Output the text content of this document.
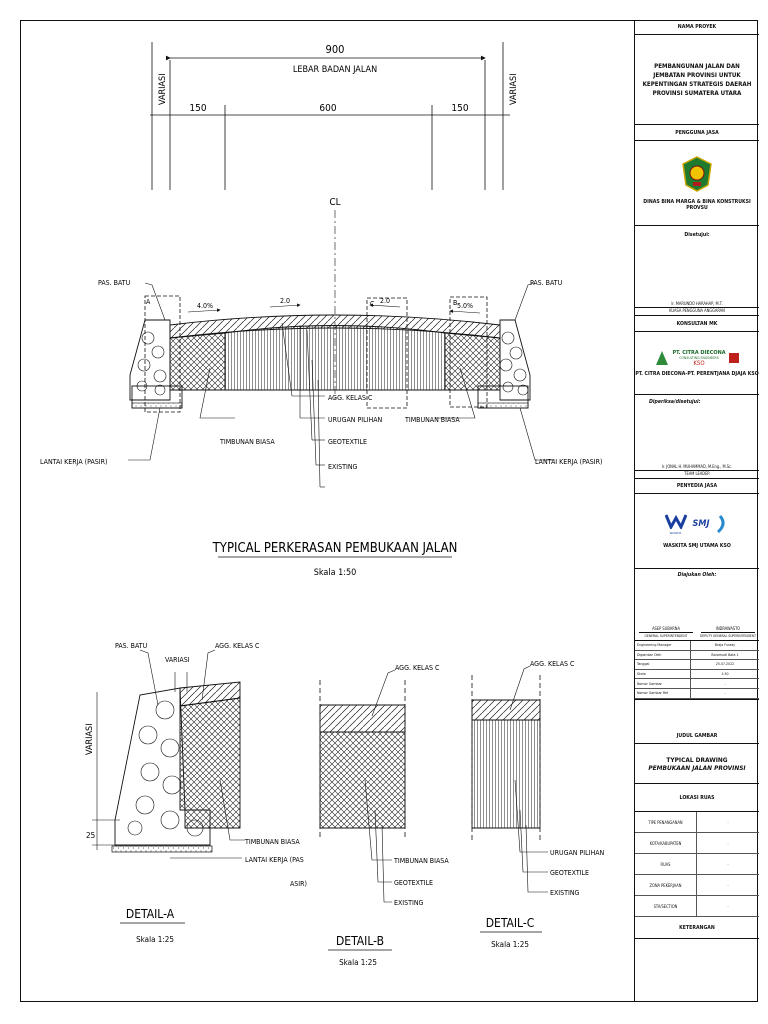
900
LEBAR BADAN JALAN
150	600	150
VARIASI	VARIASI
CL
A	C	B
4.0%
2.0	2.0
5.0%
PAS. BATU	PAS. BATU
AGG. KELAS C
URUGAN PILIHAN
GEOTEXTILE
EXISTING
TIMBUNAN BIASA
TIMBUNAN BIASA
LANTAI KERJA (PASIR)	LANTAI KERJA (PASIR)
TYPICAL PERKERASAN PEMBUKAAN JALAN
Skala 1:50
VARIASI
VARIASI
25
PAS. BATU	AGG. KELAS C
TIMBUNAN BIASA
LANTAI KERJA (PAS
ASIR)
DETAIL-A
Skala 1:25
AGG. KELAS C
TIMBUNAN BIASA
GEOTEXTILE
EXISTING
DETAIL-B
Skala 1:25
AGG. KELAS C
URUGAN PILIHAN
GEOTEXTILE
EXISTING
DETAIL-C
Skala 1:25
NAMA PROYEK
PEMBANGUNAN JALAN DAN JEMBATAN PROVINSI UNTUK KEPENTINGAN STRATEGIS DAERAH PROVINSI SUMATERA UTARA
PENGGUNA JASA
DINAS BINA MARGA & BINA KONSTRUKSI PROVSU
Disetujui:
Ir. MARUNDO HARAHAP, M.T.
KUASA PENGGUNA ANGGARAN
KONSULTAN MK
PT. CITRA DIECONA
CONSULTING ENGINEERS
KSO
PT. CITRA DIECONA-PT. PERENTJANA DJAJA KSO
Diperiksa/disetujui:
Ir. JONAL H. MUHAMMAD, M.Eng., M.Sc.
TEAM LEADER
PENYEDIA JASA
WASKITA
SMJ
WASKITA SMJ UTAMA KSO
Diajukan Oleh:
ASEP SUBARNA
GENERAL SUPERINTENDENT
INDRAWASTO
DEPUTY GENERAL SUPERINTENDENT
Engineering Manager	Braja Furady
Digambar Oleh	Baramudi Bata 1
Tanggal	25.07.2022
Skala	1:50
Nomor Gambar	-
Nomor Gambar Ref	-
JUDUL GAMBAR
TYPICAL DRAWING
PEMBUKAAN JALAN PROVINSI
LOKASI RUAS
TIPE PENANGANAN	-
KOTA/KABUPATEN	-
RUAS	-
ZONA PEKERJAAN	-
STA/SECTION	-
KETERANGAN
